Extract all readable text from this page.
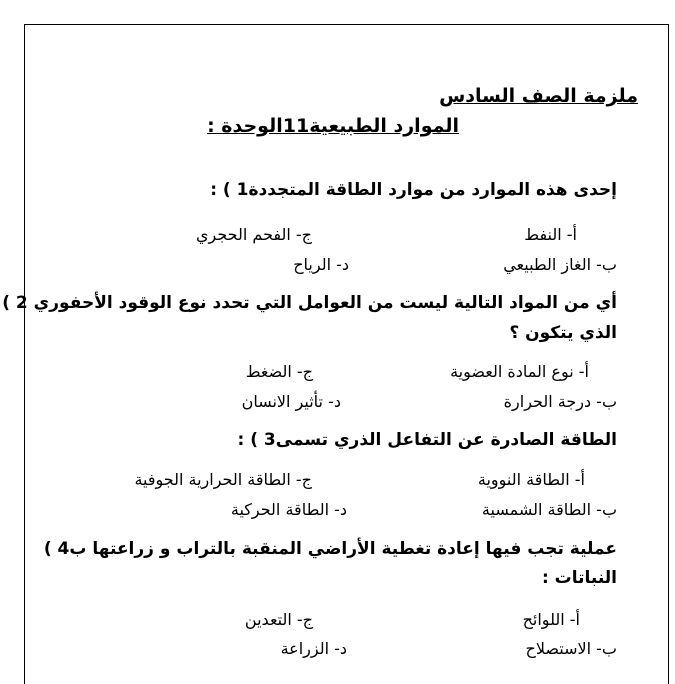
ملزمة الصف السادس
الموارد الطبيعية11الوحدة :
إحدى هذه الموارد من موارد الطاقة المتجددة1 ) :
أ- النفط
ج- الفحم الحجري
ب- الغاز الطبيعي
د- الرياح
أي من المواد التالية ليست من العوامل التي تحدد نوع الوقود الأحفوري 2 )
الذي يتكون ؟
أ- نوع المادة العضوية
ج- الضغط
ب- درجة الحرارة
د- تأثير الانسان
الطاقة الصادرة عن التفاعل الذري تسمى3 ) :
أ- الطاقة النووية
ج- الطاقة الحرارية الجوفية
ب- الطاقة الشمسية
د- الطاقة الحركية
عملية تجب فيها إعادة تغطية الأراضي المنقبة بالتراب و زراعتها ب4 )
النباتات :
أ- اللوائح
ج- التعدين
ب- الاستصلاح
د- الزراعة
